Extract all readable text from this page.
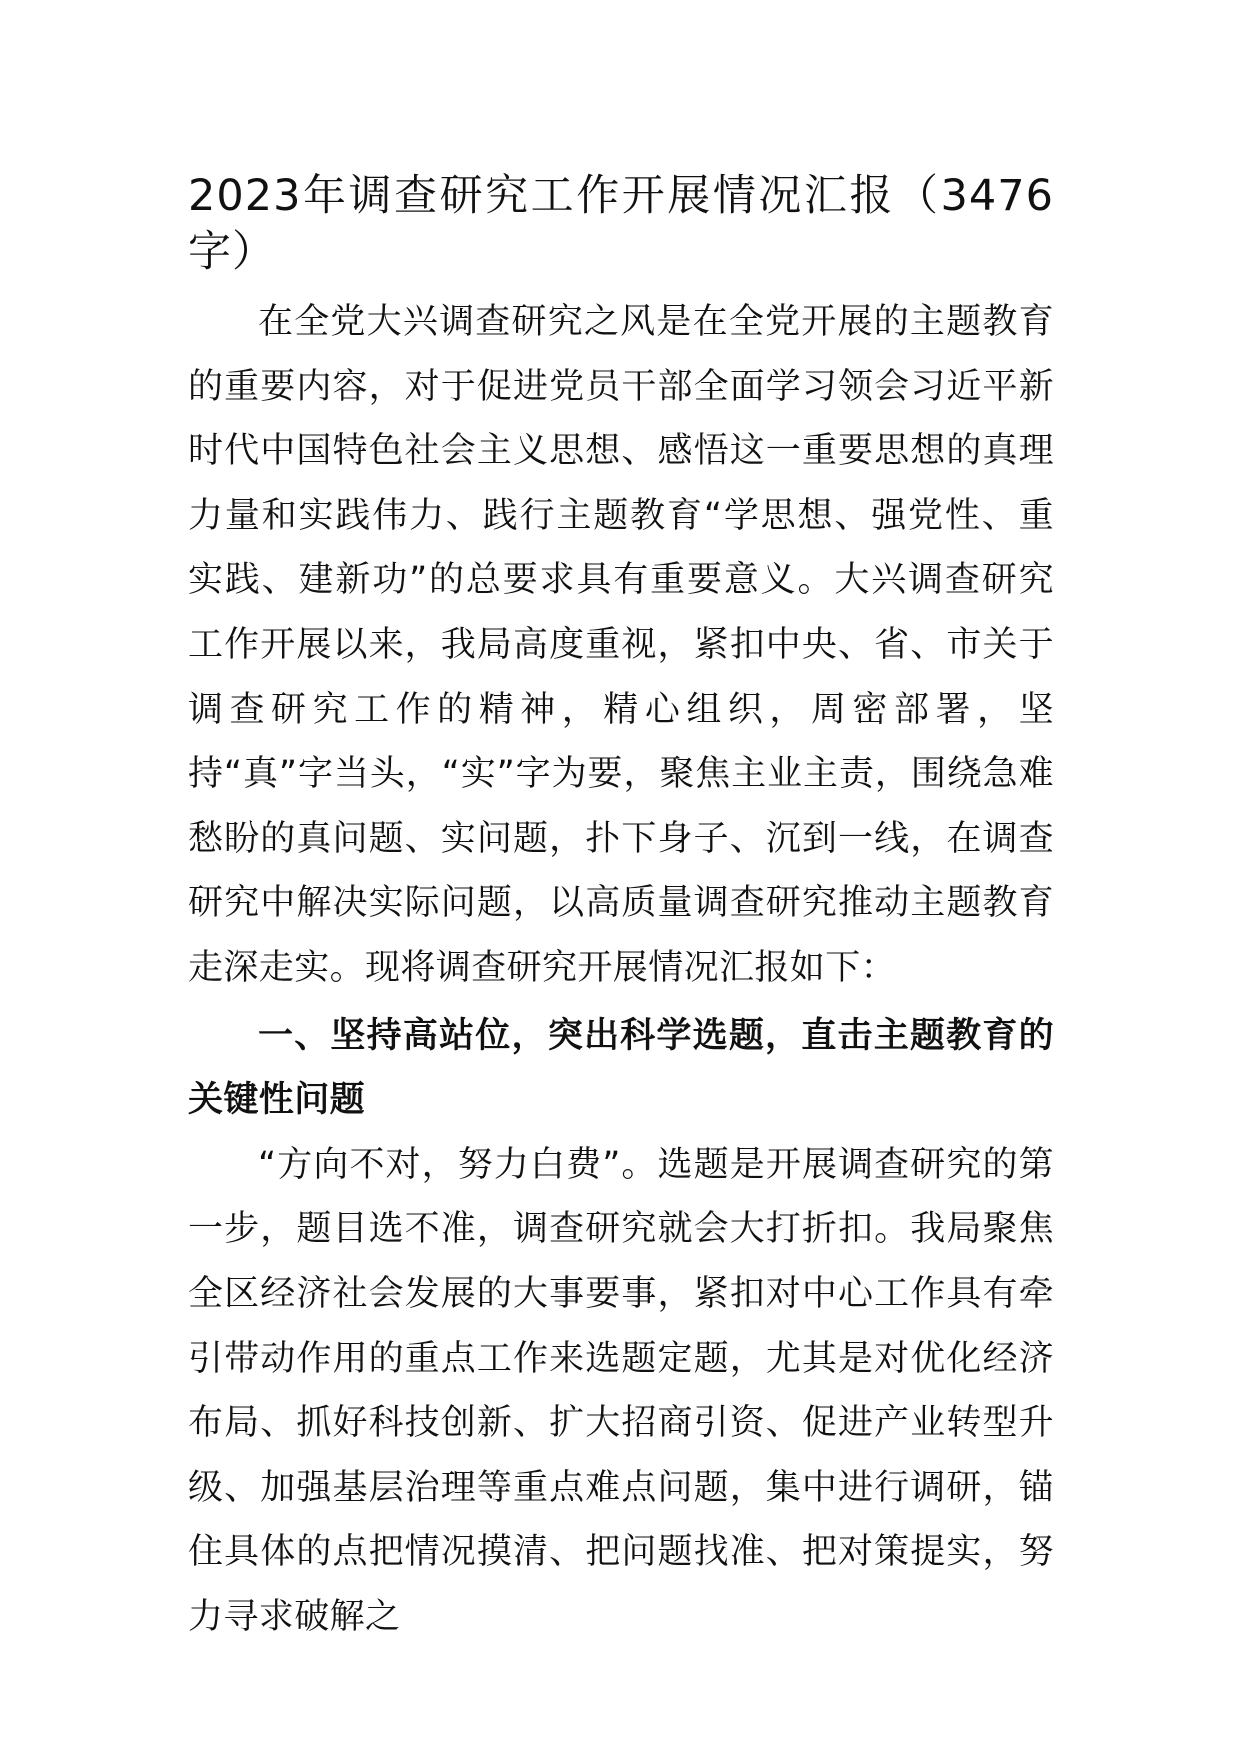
2023年调查研究工作开展情况汇报（3476字）

在全党大兴调查研究之风是在全党开展的主题教育的重要内容，对于促进党员干部全面学习领会习近平新时代中国特色社会主义思想、感悟这一重要思想的真理力量和实践伟力、践行主题教育“学思想、强党性、重实践、建新功”的总要求具有重要意义。大兴调查研究工作开展以来，我局高度重视，紧扣中央、省、市关于调查研究工作的精神，精心组织，周密部署，坚持“真”字当头，“实”字为要，聚焦主业主责，围绕急难愁盼的真问题、实问题，扑下身子、沉到一线，在调查研究中解决实际问题，以高质量调查研究推动主题教育走深走实。现将调查研究开展情况汇报如下：

一、坚持高站位，突出科学选题，直击主题教育的关键性问题

“方向不对，努力白费”。选题是开展调查研究的第一步，题目选不准，调查研究就会大打折扣。我局聚焦全区经济社会发展的大事要事，紧扣对中心工作具有牵引带动作用的重点工作来选题定题，尤其是对优化经济布局、抓好科技创新、扩大招商引资、促进产业转型升级、加强基层治理等重点难点问题，集中进行调研，锚住具体的点把情况摸清、把问题找准、把对策提实，努力寻求破解之
